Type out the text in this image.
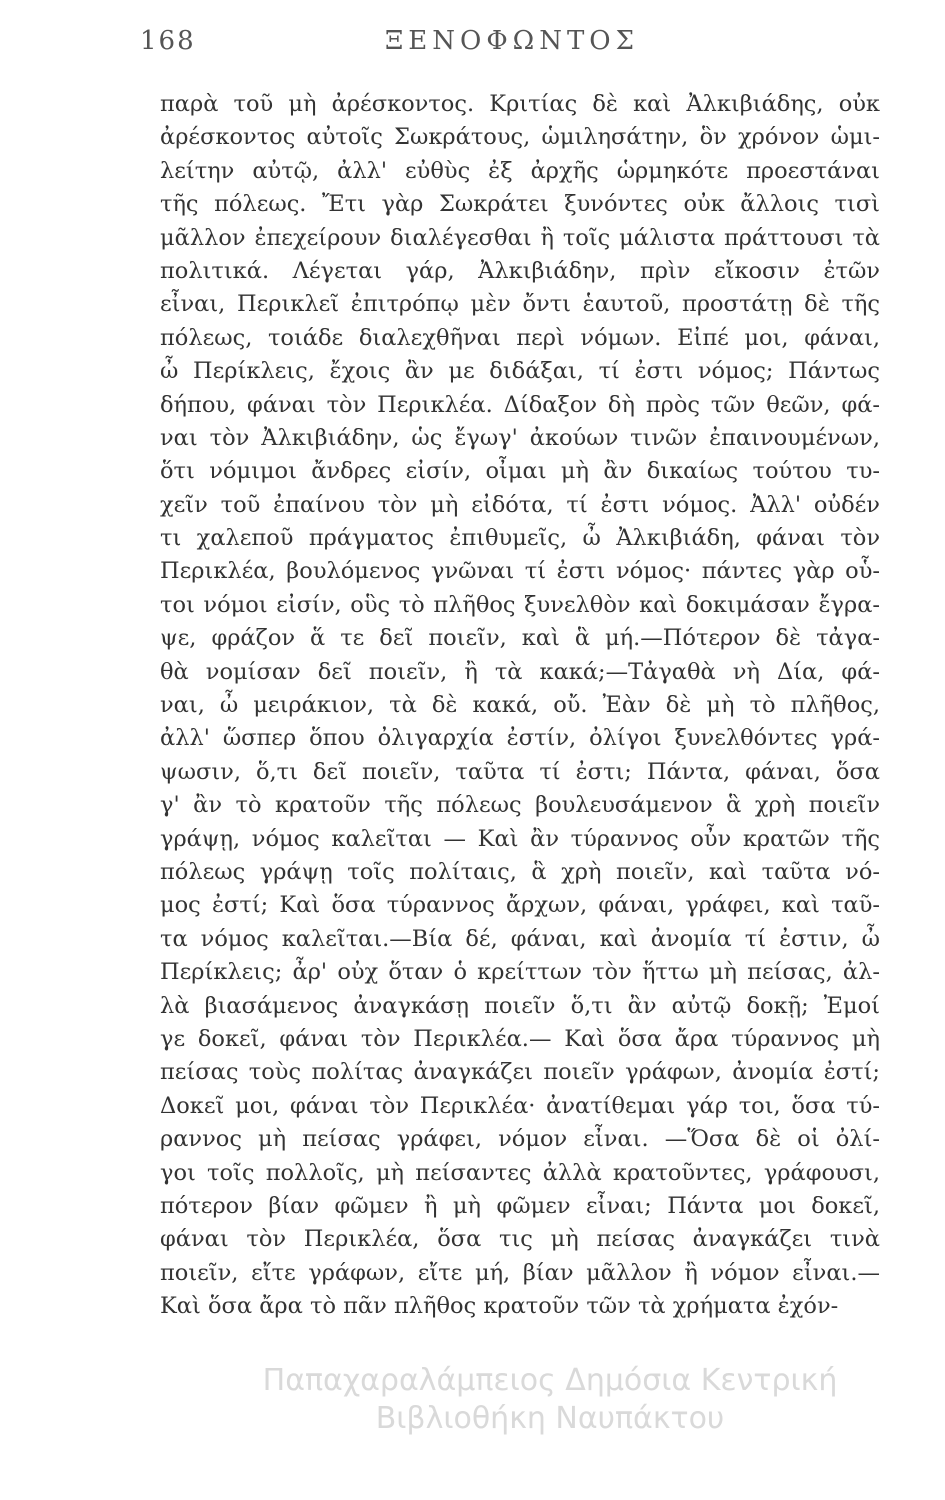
168	ΞΕΝΟΦΩΝΤΟΣ
παρὰ τοῦ μὴ ἀρέσκοντος. Κριτίας δὲ καὶ Ἀλκιβιάδης, οὐκ
ἀρέσκοντος αὐτοῖς Σωκράτους, ὡμιλησάτην, ὃν χρόνον ὡμι-
λείτην αὐτῷ, ἀλλ' εὐθὺς ἐξ ἀρχῆς ὡρμηκότε προεστάναι
τῆς πόλεως. Ἔτι γὰρ Σωκράτει ξυνόντες οὐκ ἄλλοις τισὶ
μᾶλλον ἐπεχείρουν διαλέγεσθαι ἢ τοῖς μάλιστα πράττουσι τὰ
πολιτικά. Λέγεται γάρ, Ἀλκιβιάδην, πρὶν εἴκοσιν ἐτῶν
εἶναι, Περικλεῖ ἐπιτρόπῳ μὲν ὄντι ἑαυτοῦ, προστάτῃ δὲ τῆς
πόλεως, τοιάδε διαλεχθῆναι περὶ νόμων. Εἰπέ μοι, φάναι,
ὦ Περίκλεις, ἔχοις ἂν με διδάξαι, τί ἐστι νόμος; Πάντως
δήπου, φάναι τὸν Περικλέα. Δίδαξον δὴ πρὸς τῶν θεῶν, φά-
ναι τὸν Ἀλκιβιάδην, ὡς ἔγωγ' ἀκούων τινῶν ἐπαινουμένων,
ὅτι νόμιμοι ἄνδρες εἰσίν, οἶμαι μὴ ἂν δικαίως τούτου τυ-
χεῖν τοῦ ἐπαίνου τὸν μὴ εἰδότα, τί ἐστι νόμος. Ἀλλ' οὐδέν
τι χαλεποῦ πράγματος ἐπιθυμεῖς, ὦ Ἀλκιβιάδη, φάναι τὸν
Περικλέα, βουλόμενος γνῶναι τί ἐστι νόμος· πάντες γὰρ οὗ-
τοι νόμοι εἰσίν, οὓς τὸ πλῆθος ξυνελθὸν καὶ δοκιμάσαν ἔγρα-
ψε, φράζον ἅ τε δεῖ ποιεῖν, καὶ ἃ μή.—Πότερον δὲ τἀγα-
θὰ νομίσαν δεῖ ποιεῖν, ἢ τὰ κακά;—Τἀγαθὰ νὴ Δία, φά-
ναι, ὦ μειράκιον, τὰ δὲ κακά, οὔ. Ἐὰν δὲ μὴ τὸ πλῆθος,
ἀλλ' ὥσπερ ὅπου ὀλιγαρχία ἐστίν, ὀλίγοι ξυνελθόντες γρά-
ψωσιν, ὅ,τι δεῖ ποιεῖν, ταῦτα τί ἐστι; Πάντα, φάναι, ὅσα
γ' ἂν τὸ κρατοῦν τῆς πόλεως βουλευσάμενον ἃ χρὴ ποιεῖν
γράψῃ, νόμος καλεῖται — Καὶ ἂν τύραννος οὖν κρατῶν τῆς
πόλεως γράψῃ τοῖς πολίταις, ἃ χρὴ ποιεῖν, καὶ ταῦτα νό-
μος ἐστί; Καὶ ὅσα τύραννος ἄρχων, φάναι, γράφει, καὶ ταῦ-
τα νόμος καλεῖται.—Βία δέ, φάναι, καὶ ἀνομία τί ἐστιν, ὦ
Περίκλεις; ἆρ' οὐχ ὅταν ὁ κρείττων τὸν ἥττω μὴ πείσας, ἀλ-
λὰ βιασάμενος ἀναγκάσῃ ποιεῖν ὅ,τι ἂν αὐτῷ δοκῇ; Ἐμοί
γε δοκεῖ, φάναι τὸν Περικλέα.— Καὶ ὅσα ἄρα τύραννος μὴ
πείσας τοὺς πολίτας ἀναγκάζει ποιεῖν γράφων, ἀνομία ἐστί;
Δοκεῖ μοι, φάναι τὸν Περικλέα· ἀνατίθεμαι γάρ τοι, ὅσα τύ-
ραννος μὴ πείσας γράφει, νόμον εἶναι. —Ὅσα δὲ οἱ ὀλί-
γοι τοῖς πολλοῖς, μὴ πείσαντες ἀλλὰ κρατοῦντες, γράφουσι,
πότερον βίαν φῶμεν ἢ μὴ φῶμεν εἶναι; Πάντα μοι δοκεῖ,
φάναι τὸν Περικλέα, ὅσα τις μὴ πείσας ἀναγκάζει τινὰ
ποιεῖν, εἴτε γράφων, εἴτε μή, βίαν μᾶλλον ἢ νόμον εἶναι.—
Καὶ ὅσα ἄρα τὸ πᾶν πλῆθος κρατοῦν τῶν τὰ χρήματα ἐχόν-
Παπαχαραλάμπειος Δημόσια Κεντρική
Βιβλιοθήκη Ναυπάκτου
